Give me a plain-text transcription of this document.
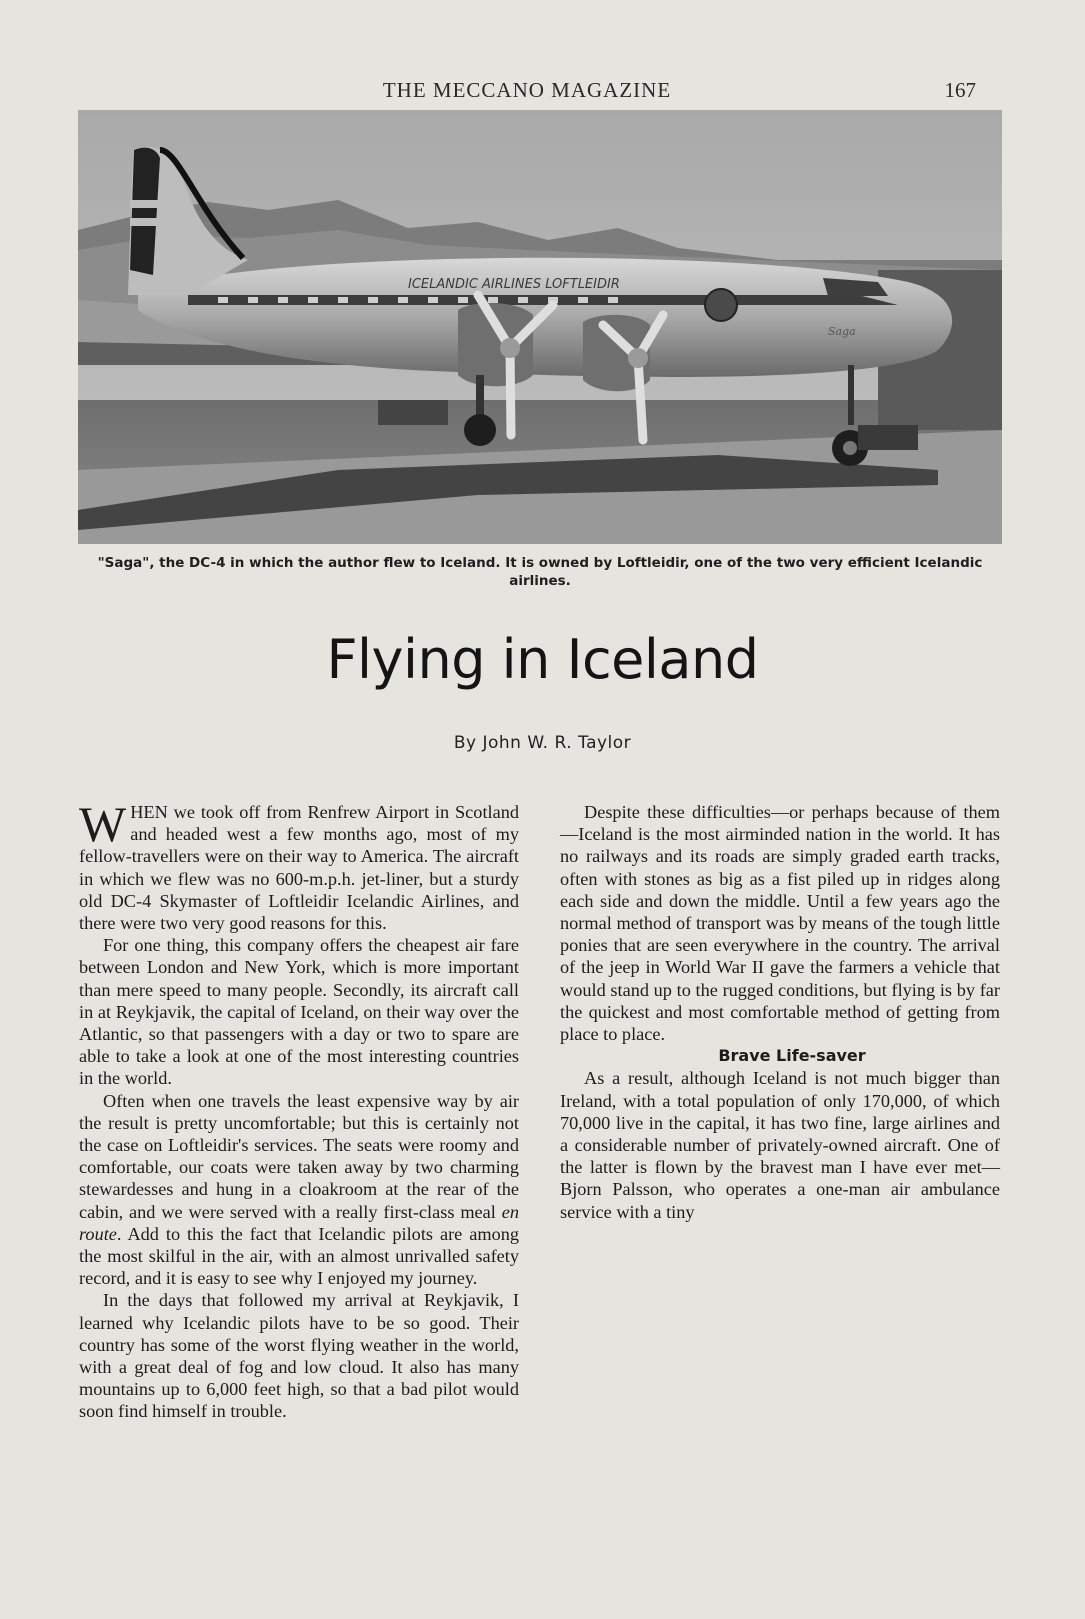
THE MECCANO MAGAZINE	167
ICELANDIC AIRLINES LOFTLEIDIR
Saga
"Saga", the DC-4 in which the author flew to Iceland. It is owned by Loftleidir, one of the two very efficient Icelandic airlines.
Flying in Iceland
By John W. R. Taylor

WHEN we took off from Renfrew Airport in Scotland and headed west a few months ago, most of my fellow-travellers were on their way to America. The aircraft in which we flew was no 600-m.p.h. jet-liner, but a sturdy old DC-4 Skymaster of Loftleidir Icelandic Airlines, and there were two very good reasons for this.

For one thing, this company offers the cheapest air fare between London and New York, which is more important than mere speed to many people. Secondly, its aircraft call in at Reykjavik, the capital of Iceland, on their way over the Atlantic, so that passengers with a day or two to spare are able to take a look at one of the most interesting countries in the world.

Often when one travels the least expensive way by air the result is pretty uncomfortable; but this is certainly not the case on Loftleidir's services. The seats were roomy and comfortable, our coats were taken away by two charming stewardesses and hung in a cloakroom at the rear of the cabin, and we were served with a really first-class meal en route. Add to this the fact that Icelandic pilots are among the most skilful in the air, with an almost unrivalled safety record, and it is easy to see why I enjoyed my journey.

In the days that followed my arrival at Reykjavik, I learned why Icelandic pilots have to be so good. Their country has some of the worst flying weather in the world, with a great deal of fog and low cloud. It also has many mountains up to 6,000 feet high, so that a bad pilot would soon find himself in trouble.

Despite these difficulties—or perhaps because of them—Iceland is the most airminded nation in the world. It has no railways and its roads are simply graded earth tracks, often with stones as big as a fist piled up in ridges along each side and down the middle. Until a few years ago the normal method of transport was by means of the tough little ponies that are seen everywhere in the country. The arrival of the jeep in World War II gave the farmers a vehicle that would stand up to the rugged conditions, but flying is by far the quickest and most comfortable method of getting from place to place.

Brave Life-saver

As a result, although Iceland is not much bigger than Ireland, with a total population of only 170,000, of which 70,000 live in the capital, it has two fine, large airlines and a considerable number of privately-owned aircraft. One of the latter is flown by the bravest man I have ever met—Bjorn Palsson, who operates a one-man air ambulance service with a tiny
